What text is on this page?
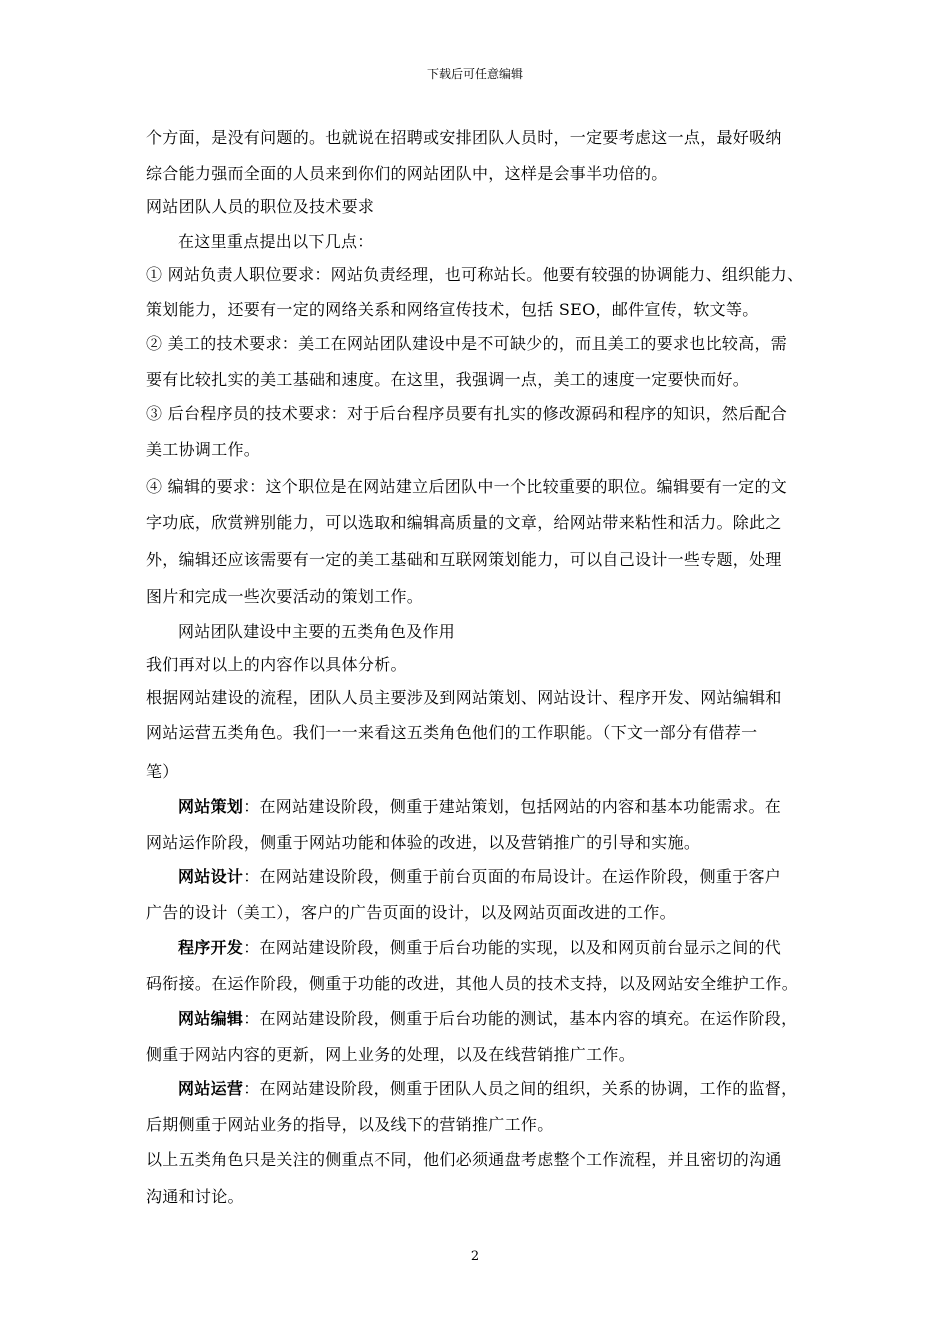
下载后可任意编辑
个方面，是没有问题的。也就说在招聘或安排团队人员时，一定要考虑这一点，最好吸纳
综合能力强而全面的人员来到你们的网站团队中，这样是会事半功倍的。
网站团队人员的职位及技术要求
在这里重点提出以下几点：
① 网站负责人职位要求：网站负责经理，也可称站长。他要有较强的协调能力、组织能力、
策划能力，还要有一定的网络关系和网络宣传技术，包括 SEO，邮件宣传，软文等。
② 美工的技术要求：美工在网站团队建设中是不可缺少的，而且美工的要求也比较高，需
要有比较扎实的美工基础和速度。在这里，我强调一点，美工的速度一定要快而好。
③ 后台程序员的技术要求：对于后台程序员要有扎实的修改源码和程序的知识，然后配合
美工协调工作。
④ 编辑的要求：这个职位是在网站建立后团队中一个比较重要的职位。编辑要有一定的文
字功底，欣赏辨别能力，可以选取和编辑高质量的文章，给网站带来粘性和活力。除此之
外，编辑还应该需要有一定的美工基础和互联网策划能力，可以自己设计一些专题，处理
图片和完成一些次要活动的策划工作。
网站团队建设中主要的五类角色及作用
我们再对以上的内容作以具体分析。
根据网站建设的流程，团队人员主要涉及到网站策划、网站设计、程序开发、网站编辑和
网站运营五类角色。我们一一来看这五类角色他们的工作职能。（下文一部分有借荐一
笔）
网站策划：在网站建设阶段，侧重于建站策划，包括网站的内容和基本功能需求。在
网站运作阶段，侧重于网站功能和体验的改进，以及营销推广的引导和实施。
网站设计：在网站建设阶段，侧重于前台页面的布局设计。在运作阶段，侧重于客户
广告的设计（美工），客户的广告页面的设计，以及网站页面改进的工作。
程序开发：在网站建设阶段，侧重于后台功能的实现，以及和网页前台显示之间的代
码衔接。在运作阶段，侧重于功能的改进，其他人员的技术支持，以及网站安全维护工作。
网站编辑：在网站建设阶段，侧重于后台功能的测试，基本内容的填充。在运作阶段，
侧重于网站内容的更新，网上业务的处理，以及在线营销推广工作。
网站运营：在网站建设阶段，侧重于团队人员之间的组织，关系的协调，工作的监督，
后期侧重于网站业务的指导，以及线下的营销推广工作。
以上五类角色只是关注的侧重点不同，他们必须通盘考虑整个工作流程，并且密切的沟通
沟通和讨论。
2
